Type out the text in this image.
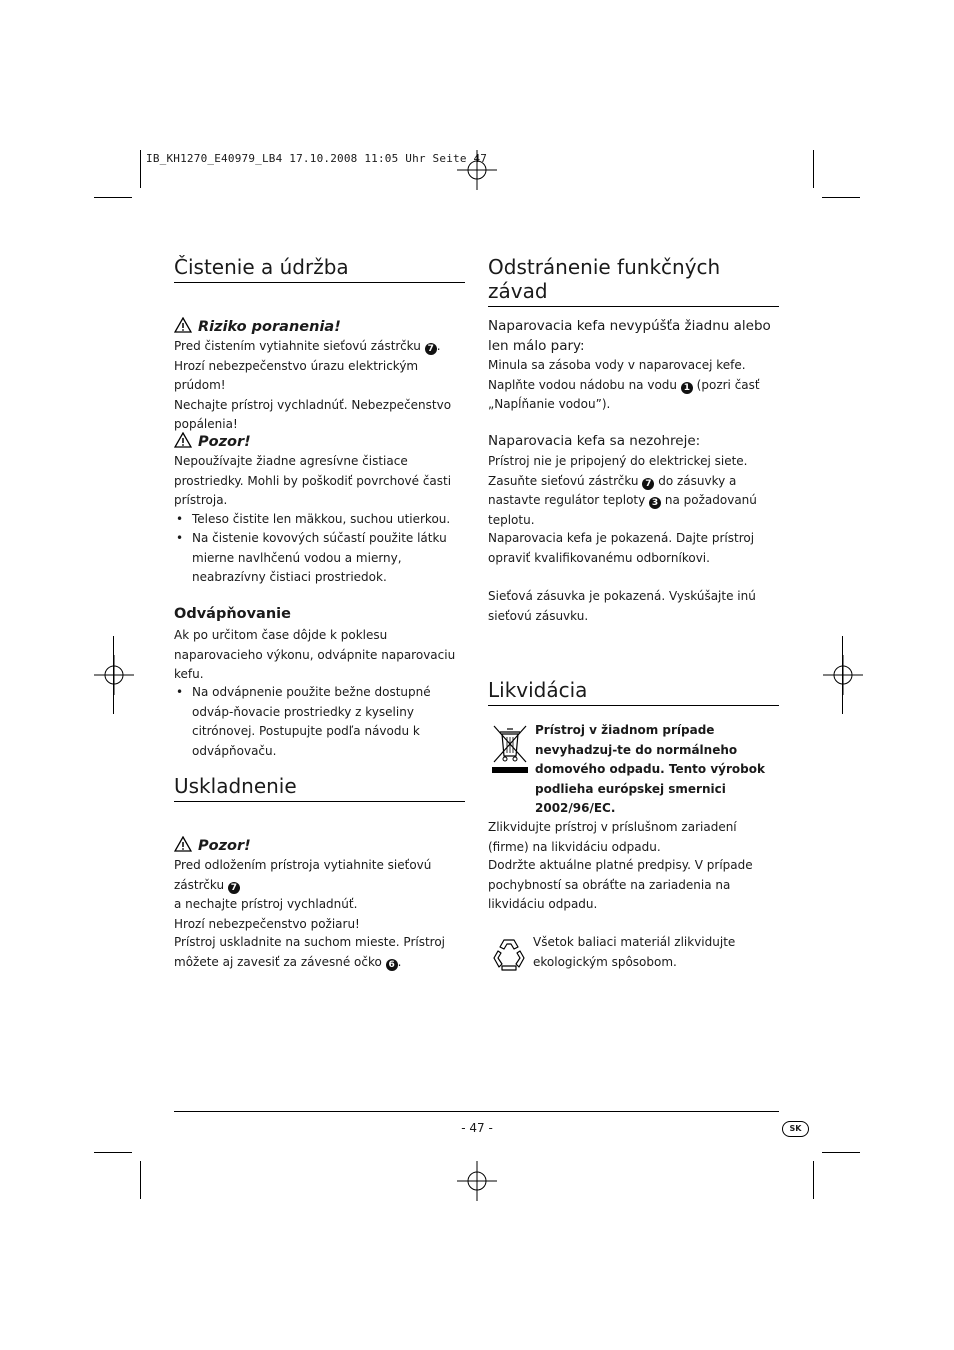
IB_KH1270_E40979_LB4 17.10.2008 11:05 Uhr Seite 47
Čistenie a údržba
Riziko poranenia!
Pred čistením vytiahnite sieťovú zástrčku 7 .
Hrozí nebezpečenstvo úrazu elektrickým prúdom!
Nechajte prístroj vychladnúť. Nebezpečenstvo popálenia!
Pozor!
Nepoužívajte žiadne agresívne čistiace prostriedky. Mohli by poškodiť povrchové časti prístroja.
• Teleso čistite len mäkkou, suchou utierkou.
• Na čistenie kovových súčastí použite látku mierne navlhčenú vodou a mierny, neabrazívny čistiaci prostriedok.
Odvápňovanie
Ak po určitom čase dôjde k poklesu naparovacieho výkonu, odvápnite naparovaciu kefu.
• Na odvápnenie použite bežne dostupné odváp-ňovacie prostriedky z kyseliny citrónovej. Postupujte podľa návodu k odvápňovaču.
Uskladnenie
Pozor!
Pred odložením prístroja vytiahnite sieťovú zástrčku 7
a nechajte prístroj vychladnúť.
Hrozí nebezpečenstvo požiaru!
Prístroj uskladnite na suchom mieste. Prístroj môžete aj zavesiť za závesné očko 6 .
Odstránenie funkčných závad
Naparovacia kefa nevypúšťa žiadnu alebo len málo pary:
Minula sa zásoba vody v naparovacej kefe. Naplňte vodou nádobu na vodu 1 (pozri časť „Napĺňanie vodou”).
Naparovacia kefa sa nezohreje:
Prístroj nie je pripojený do elektrickej siete. Zasuňte sieťovú zástrčku 7 do zásuvky a nastavte regulátor teploty 3 na požadovanú teplotu.
Naparovacia kefa je pokazená. Dajte prístroj opraviť kvalifikovanému odborníkovi.
Sieťová zásuvka je pokazená. Vyskúšajte inú sieťovú zásuvku.
Likvidácia
Prístroj v žiadnom prípade nevyhadzuj-te do normálneho domového odpadu. Tento výrobok podlieha európskej smernici 2002/96/EC.
Zlikvidujte prístroj v príslušnom zariadení (firme) na likvidáciu odpadu.
Dodržte aktuálne platné predpisy. V prípade pochybností sa obráťte na zariadenia na likvidáciu odpadu.
Všetok baliaci materiál zlikvidujte ekologickým spôsobom.
- 47 -	SK
